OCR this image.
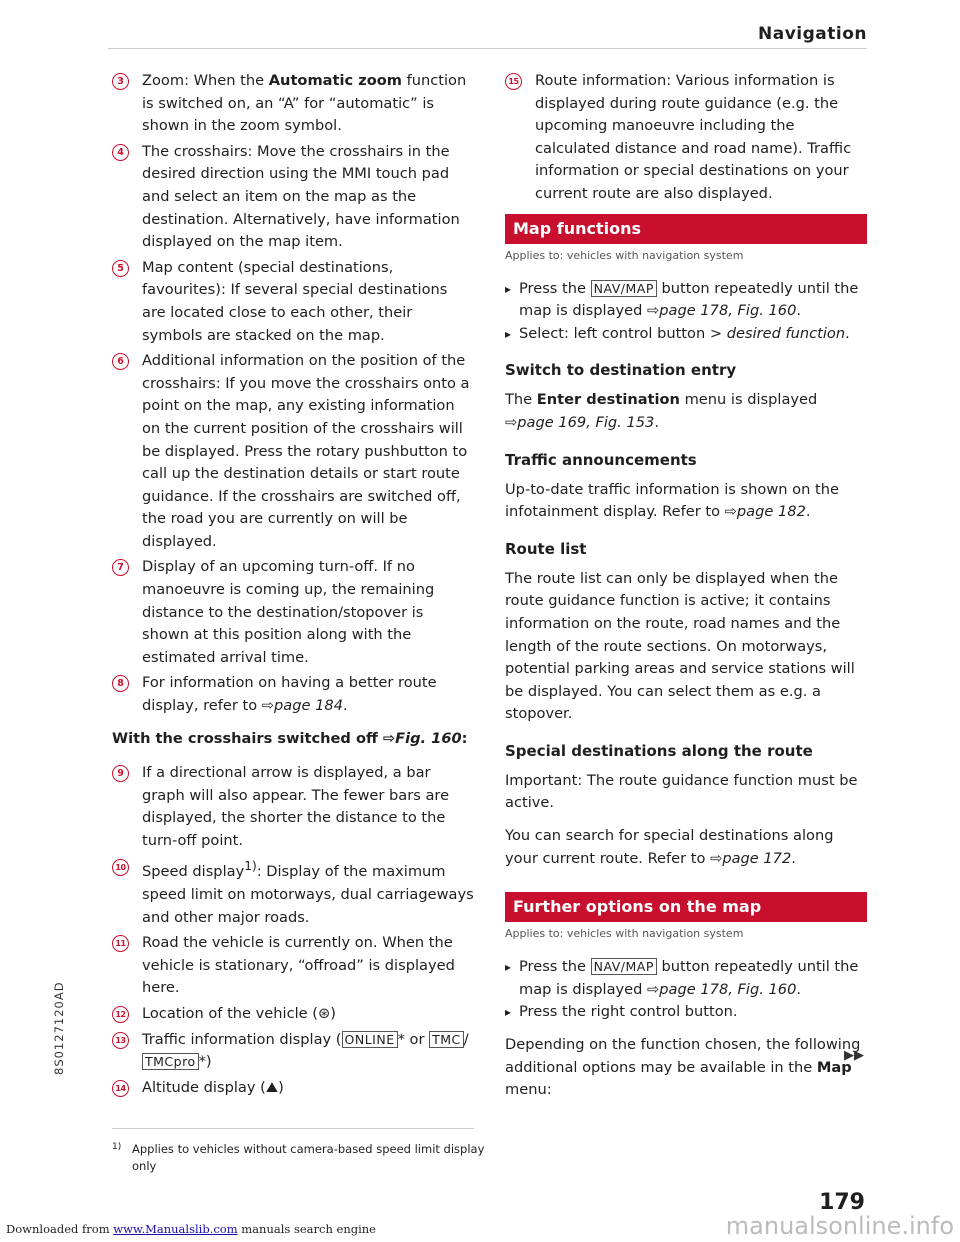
Navigation
3	Zoom: When the Automatic zoom function is switched on, an “A” for “automatic” is shown in the zoom symbol.
4	The crosshairs: Move the crosshairs in the desired direction using the MMI touch pad and select an item on the map as the destination. Alternatively, have information displayed on the map item.
5	Map content (special destinations, favourites): If several special destinations are located close to each other, their symbols are stacked on the map.
6	Additional information on the position of the crosshairs: If you move the crosshairs onto a point on the map, any existing information on the current position of the crosshairs will be displayed. Press the rotary pushbutton to call up the destination details or start route guidance. If the crosshairs are switched off, the road you are currently on will be displayed.
7	Display of an upcoming turn-off. If no manoeuvre is coming up, the remaining distance to the destination/stopover is shown at this position along with the estimated arrival time.
8	For information on having a better route display, refer to ⇨page 184.

With the crosshairs switched off ⇨Fig. 160:

9	If a directional arrow is displayed, a bar graph will also appear. The fewer bars are displayed, the shorter the distance to the turn-off point.
10 Speed display$^{1)}$: Display of the maximum speed limit on motorways, dual carriageways and other major roads.
11 Road the vehicle is currently on. When the vehicle is stationary, “offroad” is displayed here.
12 Location of the vehicle (⊛)
13 Traffic information display ( ONLINE * or TMC /TMCpro *)
14 Altitude display (⛰)
15 Route information: Various information is displayed during route guidance (e.g. the upcoming manoeuvre including the calculated distance and road name). Traffic information or special destinations on your current route are also displayed.
Map functions
Applies to: vehicles with navigation system
▸ Press the NAV/MAP button repeatedly until the map is displayed ⇨page 178, Fig. 160.
▸ Select: left control button > desired function.
Switch to destination entry

The Enter destination menu is displayed ⇨page 169, Fig. 153.

Traffic announcements

Up-to-date traffic information is shown on the infotainment display. Refer to ⇨page 182.

Route list

The route list can only be displayed when the route guidance function is active; it contains information on the route, road names and the length of the route sections. On motorways, potential parking areas and service stations will be displayed. You can select them as e.g. a stopover.

Special destinations along the route

Important: The route guidance function must be active.

You can search for special destinations along your current route. Refer to ⇨page 172.

Further options on the map
Applies to: vehicles with navigation system
▸ Press the NAV/MAP button repeatedly until the map is displayed ⇨page 178, Fig. 160.
▸ Press the right control button.

Depending on the function chosen, the following additional options may be available in the Map menu:

▶▶
1) Applies to vehicles without camera-based speed limit display only
8S0127120AD
179
Downloaded from www.Manualslib.com manuals search engine	manualsonline.info
